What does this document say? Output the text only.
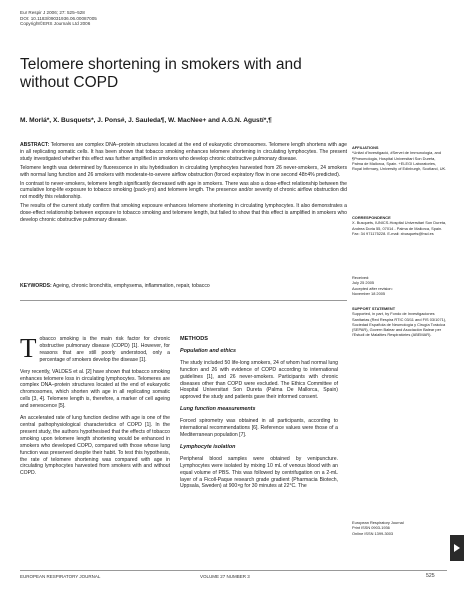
Eur Respir J 2006; 27: 525–528
DOI: 10.1183/09031936.06.00087005
Copyright©ERS Journals Ltd 2006
Telomere shortening in smokers with and without COPD
M. Morlá*, X. Busquets*, J. Pons#, J. Sauleda¶, W. MacNee+ and A.G.N. Agustí*,¶

ABSTRACT: Telomeres are complex DNA–protein structures located at the end of eukaryotic chromosomes. Telomere length shortens with age in all replicating somatic cells. It has been shown that tobacco smoking enhances telomere shortening in circulating lymphocytes. The present study investigated whether this effect was further amplified in smokers who develop chronic obstructive pulmonary disease.

Telomere length was determined by fluorescence in situ hybridisation in circulating lymphocytes harvested from 26 never-smokers, 24 smokers with normal lung function and 26 smokers with moderate-to-severe airflow obstruction (forced expiratory flow in one second 48±4% predicted).

In contrast to never-smokers, telomere length significantly decreased with age in smokers. There was also a dose-effect relationship between the cumulative long-life exposure to tobacco smoking (pack-yrs) and telomere length. The presence and/or severity of chronic airflow obstruction did not modify this relationship.

The results of the current study confirm that smoking exposure enhances telomere shortening in circulating lymphocytes. It also demonstrates a dose-effect relationship between exposure to tobacco smoking and telomere length, but failed to show that this effect is amplified in smokers who develop chronic obstructive pulmonary disease.

KEYWORDS: Ageing, chronic bronchitis, emphysema, inflammation, repair, tobacco

Tobacco smoking is the main risk factor for chronic obstructive pulmonary disease (COPD) [1]. However, for reasons that are still poorly understood, only a percentage of smokers develop the disease [1].

Very recently, VALDES et al. [2] have shown that tobacco smoking enhances telomere loss in circulating lymphocytes. Telomeres are complex DNA–protein structures located at the end of eukaryotic chromosomes, which shorten with age in all replicating somatic cells [3, 4]. Telomere length is, therefore, a marker of cell ageing and senescence [5].

An accelerated rate of lung function decline with age is one of the central pathophysiological characteristics of COPD [1]. In the present study, the authors hypothesised that the effects of tobacco smoking upon telomere length shortening would be enhanced in smokers who developed COPD, compared with those whose lung function was preserved despite their habit. To test this hypothesis, the rate of telomere shortening was compared with age in circulating lymphocytes harvested from smokers with and without COPD.

METHODS

Population and ethics

The study included 50 life-long smokers, 24 of whom had normal lung function and 26 with evidence of COPD according to international guidelines [1], and 26 never-smokers. Participants with chronic diseases other than COPD were excluded. The Ethics Committee of Hospital Universitari Son Dureta (Palma De Mallorca, Spain) approved the study and patients gave their informed consent.

Lung function measurements

Forced spirometry was obtained in all participants, according to international recommendations [6]. Reference values were those of a Mediterranean population [7].

Lymphocyte isolation

Peripheral blood samples were obtained by venipuncture. Lymphocytes were isolated by mixing 10 mL of venous blood with an equal volume of PBS. This was followed by centrifugation on a 2-mL layer of a Ficoll-Paque research grade gradient (Pharmacia Biotech, Uppsala, Sweden) at 900×g for 30 minutes at 22°C. The

AFFILIATIONS

*Unitat d'Investigació, #Servei de Immunologia, and ¶Pneumologia, Hospital Universitari Son Dureta, Palma de Mallorca, Spain. +ELEGI Laboratories, Royal Infirmary, University of Edinburgh, Scotland, UK.

CORRESPONDENCE

X. Busquets, IUNICS-Hospital Universitari Son Dureta, Andrea Doria 55, 07014 - Palma de Mallorca, Spain. Fax: 34 971175228. E-mail: xbusquets@hsd.es

Received:

July 25 2005

Accepted after revision:

November 18 2005

SUPPORT STATEMENT

Supported, in part, by Fondo de Investigaciones Sanitarias (Red Respira RTIC 03/11 and FIS 03/1071), Sociedad Española de Neumología y Cirugía Torácica (SEPAR), Govern Balear and Asociación Balear per l'Estudi de Malalties Respiratòries (ABEMAR).

European Respiratory Journal

Print ISSN 0903-1936

Online ISSN 1399-3003

EUROPEAN RESPIRATORY JOURNAL	VOLUME 27 NUMBER 3	525
